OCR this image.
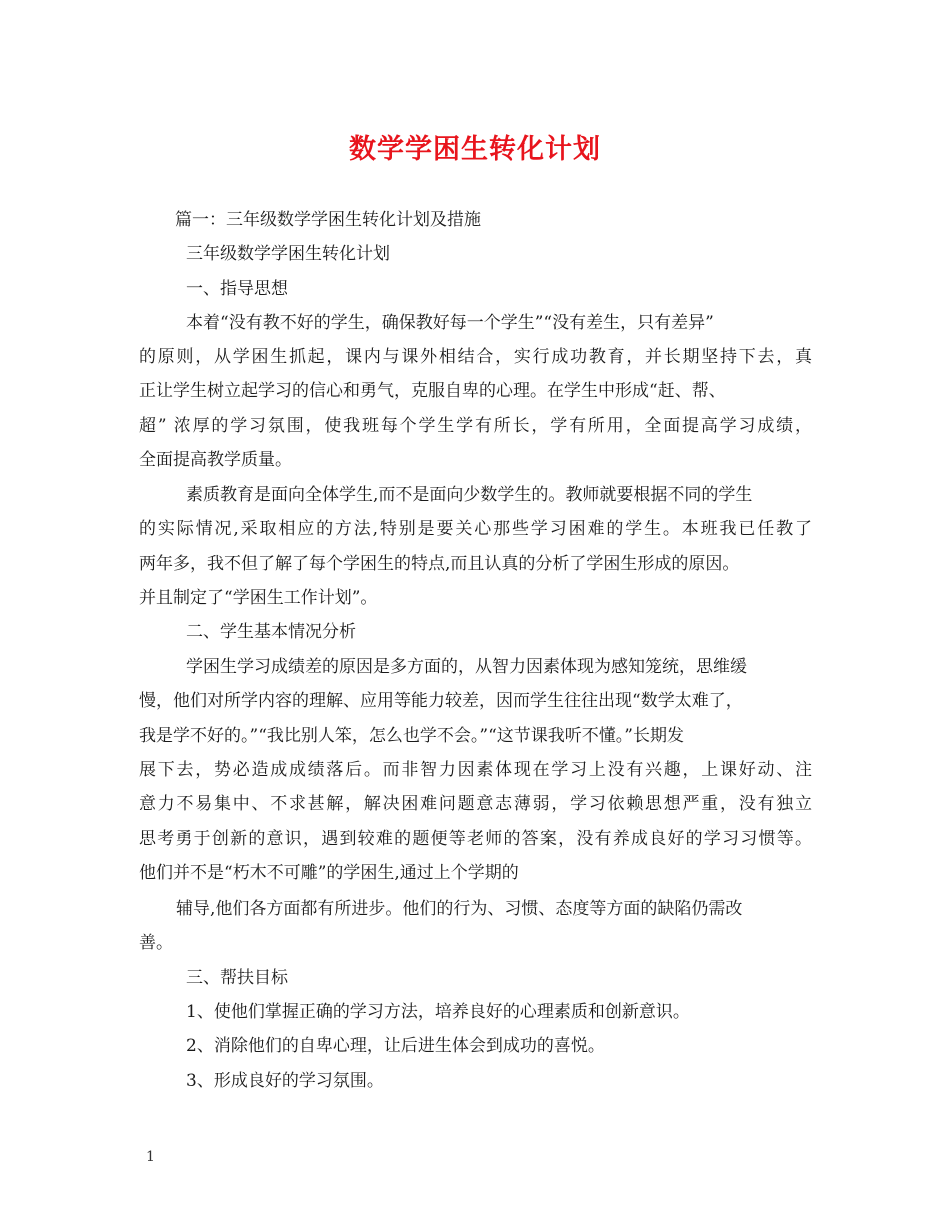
数学学困生转化计划
篇一：三年级数学学困生转化计划及措施
三年级数学学困生转化计划
一、指导思想
本着“没有教不好的学生，确保教好每一个学生”“没有差生，只有差异”
的原则，从学困生抓起，课内与课外相结合，实行成功教育，并长期坚持下去，真
正让学生树立起学习的信心和勇气，克服自卑的心理。在学生中形成“赶、帮、
超” 浓厚的学习氛围，使我班每个学生学有所长，学有所用，全面提高学习成绩，
全面提高教学质量。
素质教育是面向全体学生,而不是面向少数学生的。教师就要根据不同的学生
的实际情况,采取相应的方法,特别是要关心那些学习困难的学生。本班我已任教了
两年多，我不但了解了每个学困生的特点,而且认真的分析了学困生形成的原因。
并且制定了“学困生工作计划”。
二、学生基本情况分析
学困生学习成绩差的原因是多方面的，从智力因素体现为感知笼统，思维缓
慢，他们对所学内容的理解、应用等能力较差，因而学生往往出现“数学太难了，
我是学不好的。”“我比别人笨，怎么也学不会。”“这节课我听不懂。”长期发
展下去，势必造成成绩落后。而非智力因素体现在学习上没有兴趣，上课好动、注
意力不易集中、不求甚解，解决困难问题意志薄弱，学习依赖思想严重，没有独立
思考勇于创新的意识，遇到较难的题便等老师的答案，没有养成良好的学习习惯等。
他们并不是“朽木不可雕”的学困生,通过上个学期的
辅导,他们各方面都有所进步。他们的行为、习惯、态度等方面的缺陷仍需改
善。
三、帮扶目标
1、使他们掌握正确的学习方法，培养良好的心理素质和创新意识。
2、消除他们的自卑心理，让后进生体会到成功的喜悦。
3、形成良好的学习氛围。
1
